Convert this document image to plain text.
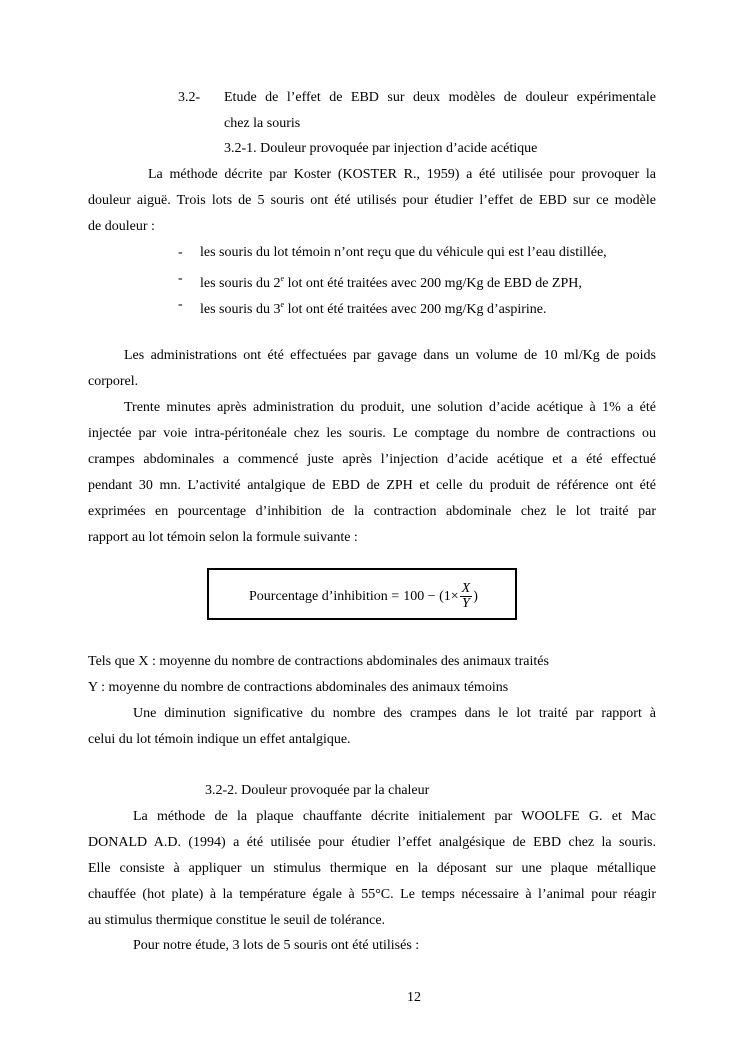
3.2- Etude de l’effet de EBD sur deux modèles de douleur expérimentale
chez la souris
3.2-1. Douleur provoquée par injection d’acide acétique
La méthode décrite par Koster (KOSTER R., 1959) a été utilisée pour provoquer la
douleur aiguë. Trois lots de 5 souris ont été utilisés pour étudier l’effet de EBD sur ce modèle
de douleur :
- les souris du lot témoin n’ont reçu que du véhicule qui est l’eau distillée,
- les souris du 2e lot ont été traitées avec 200 mg/Kg de EBD de ZPH,
- les souris du 3e lot ont été traitées avec 200 mg/Kg d’aspirine.
Les administrations ont été effectuées par gavage dans un volume de 10 ml/Kg de poids
corporel.
Trente minutes après administration du produit, une solution d’acide acétique à 1% a été
injectée par voie intra-péritonéale chez les souris. Le comptage du nombre de contractions ou
crampes abdominales a commencé juste après l’injection d’acide acétique et a été effectué
pendant 30 mn. L’activité antalgique de EBD de ZPH et celle du produit de référence ont été
exprimées en pourcentage d’inhibition de la contraction abdominale chez le lot traité par
rapport au lot témoin selon la formule suivante :
Pourcentage d’inhibition = $100 - (1\times \frac{X}{Y}$ )
Tels que X : moyenne du nombre de contractions abdominales des animaux traités
Y : moyenne du nombre de contractions abdominales des animaux témoins
Une diminution significative du nombre des crampes dans le lot traité par rapport à
celui du lot témoin indique un effet antalgique.
3.2-2. Douleur provoquée par la chaleur
La méthode de la plaque chauffante décrite initialement par WOOLFE G. et Mac
DONALD A.D. (1994) a été utilisée pour étudier l’effet analgésique de EBD chez la souris.
Elle consiste à appliquer un stimulus thermique en la déposant sur une plaque métallique
chauffée (hot plate) à la température égale à 55°C. Le temps nécessaire à l’animal pour réagir
au stimulus thermique constitue le seuil de tolérance.
Pour notre étude, 3 lots de 5 souris ont été utilisés :
12
